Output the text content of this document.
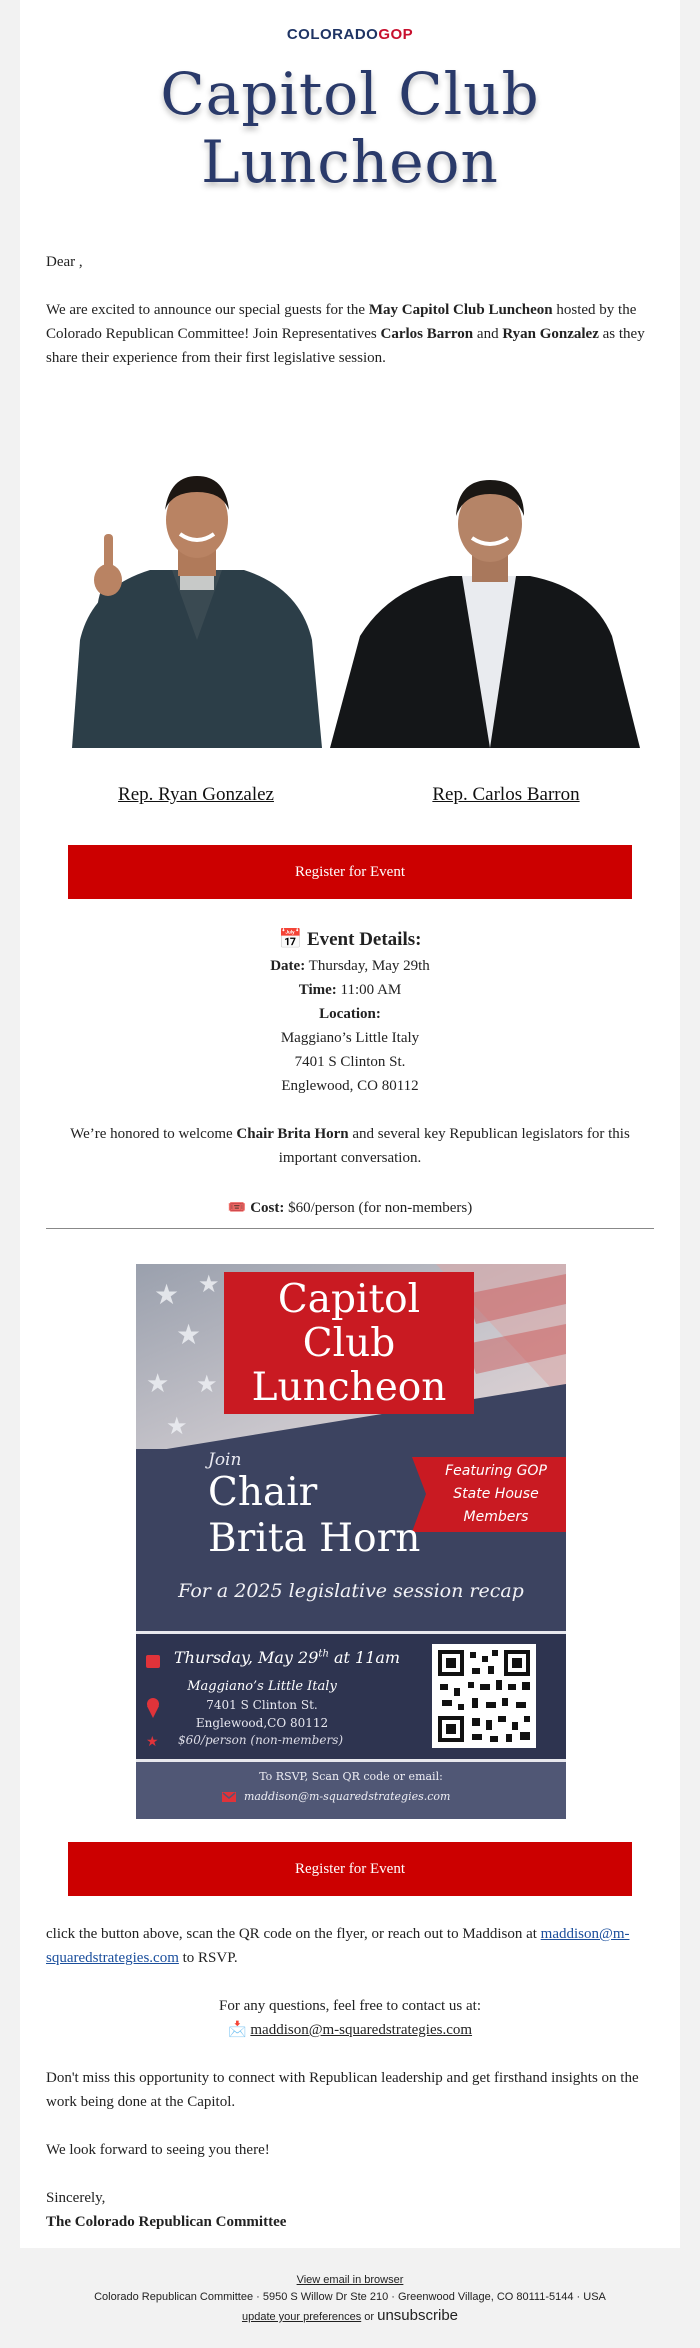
COLORADOGOP
Capitol Club Luncheon

Dear ,

We are excited to announce our special guests for the May Capitol Club Luncheon hosted by the Colorado Republican Committee! Join Representatives Carlos Barron and Ryan Gonzalez as they share their experience from their first legislative session.

Rep. Ryan Gonzalez	Rep. Carlos Barron
Register for Event
📅 Event Details:
Date: Thursday, May 29th
Time: 11:00 AM
Location:
Maggiano’s Little Italy
7401 S Clinton St.
Englewood, CO 80112

We’re honored to welcome Chair Brita Horn and several key Republican legislators for this important conversation.

🎟️ Cost: $60/person (for non-members)

★ ★
★
★ ★
★
★
Capitol
Club
Luncheon
Join
Chair
Brita Horn
Featuring GOP
State House
Members
For a 2025 legislative session recap
Thursday, May 29th at 11am
Maggiano’s Little Italy
7401 S Clinton St.
Englewood,CO 80112
$60/person (non-members)
To RSVP, Scan QR code or email:
maddison@m-squaredstrategies.com
Register for Event

click the button above, scan the QR code on the flyer, or reach out to Maddison at maddison@m-squaredstrategies.com to RSVP.

For any questions, feel free to contact us at:

📩 maddison@m-squaredstrategies.com

Don't miss this opportunity to connect with Republican leadership and get firsthand insights on the work being done at the Capitol.

We look forward to seeing you there!

Sincerely,

The Colorado Republican Committee

View email in browser
Colorado Republican Committee · 5950 S Willow Dr Ste 210 · Greenwood Village, CO 80111-5144 · USA
update your preferences or unsubscribe
